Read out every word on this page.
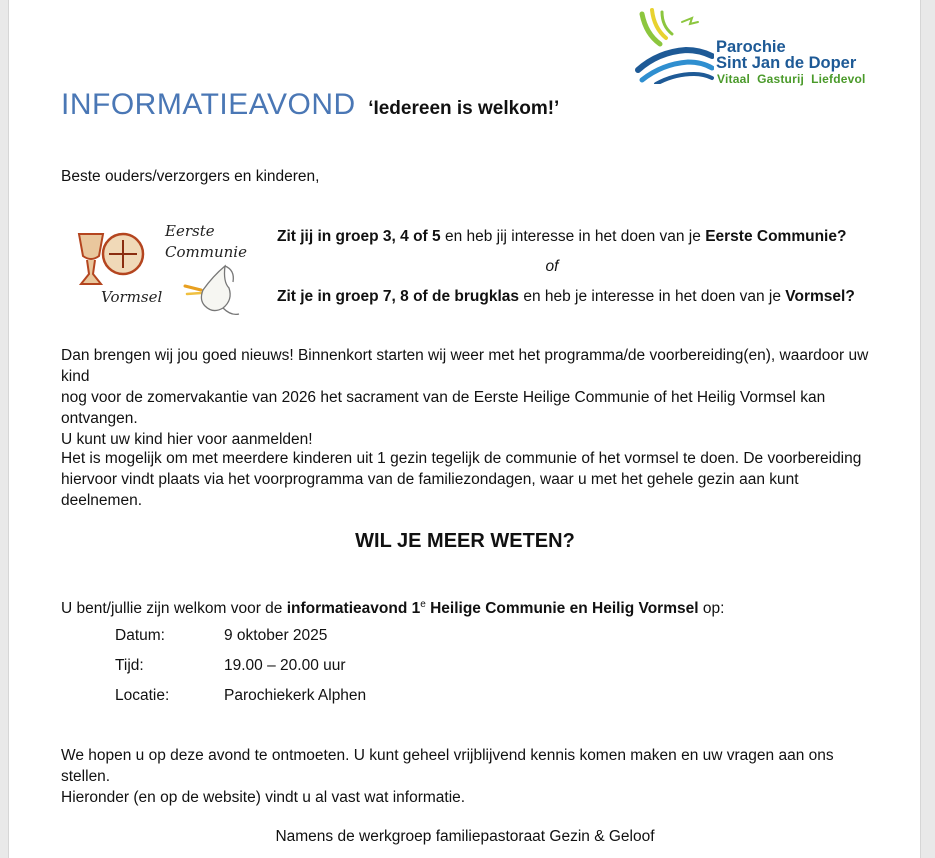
Parochie
Sint Jan de Doper
Vitaal  Gasturij  Liefdevol
INFORMATIEAVOND ‘Iedereen is welkom!’
Beste ouders/verzorgers en kinderen,
Eerste
Communie
Vormsel
Zit jij in groep 3, 4 of 5 en heb jij interesse in het doen van je Eerste Communie?
of
Zit je in groep 7, 8 of de brugklas en heb je interesse in het doen van je Vormsel?
Dan brengen wij jou goed nieuws! Binnenkort starten wij weer met het programma/de voorbereiding(en), waardoor uw kind
nog voor de zomervakantie van 2026 het sacrament van de Eerste Heilige Communie of het Heilig Vormsel kan ontvangen.
U kunt uw kind hier voor aanmelden!
Het is mogelijk om met meerdere kinderen uit 1 gezin tegelijk de communie of het vormsel te doen. De voorbereiding
hiervoor vindt plaats via het voorprogramma van de familiezondagen, waar u met het gehele gezin aan kunt deelnemen.
WIL JE MEER WETEN?
U bent/jullie zijn welkom voor de informatieavond 1e Heilige Communie en Heilig Vormsel op:
Datum:	9 oktober 2025
Tijd:	19.00 – 20.00 uur
Locatie:	Parochiekerk Alphen
We hopen u op deze avond te ontmoeten. U kunt geheel vrijblijvend kennis komen maken en uw vragen aan ons stellen.
Hieronder (en op de website) vindt u al vast wat informatie.
Namens de werkgroep familiepastoraat Gezin & Geloof
